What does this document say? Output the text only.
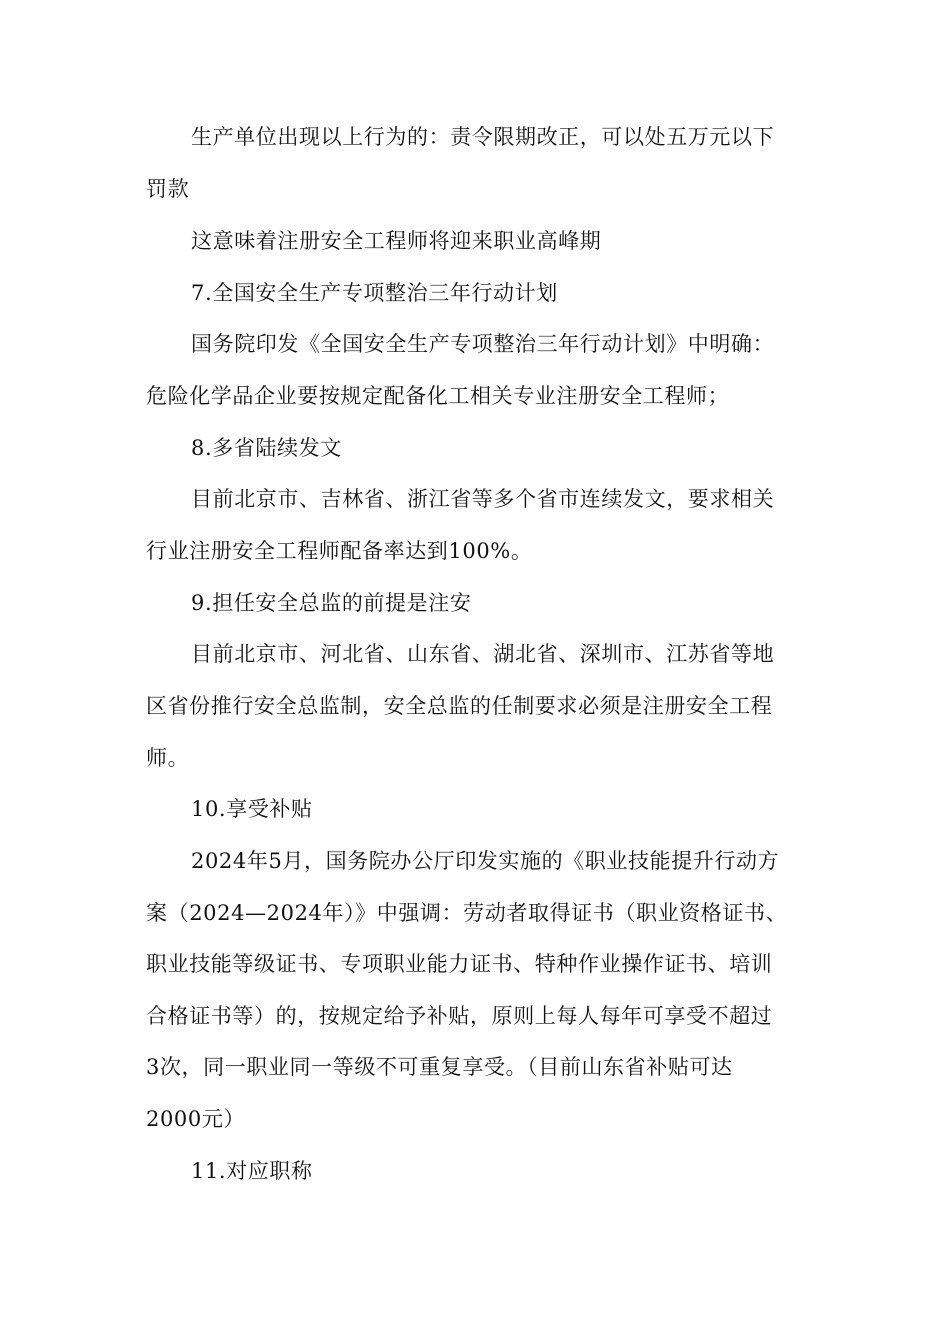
生产单位出现以上行为的：责令限期改正，可以处五万元以下
罚款
这意味着注册安全工程师将迎来职业高峰期
7.全国安全生产专项整治三年行动计划
国务院印发《全国安全生产专项整治三年行动计划》中明确：
危险化学品企业要按规定配备化工相关专业注册安全工程师；
8.多省陆续发文
目前北京市、吉林省、浙江省等多个省市连续发文，要求相关
行业注册安全工程师配备率达到100%。
9.担任安全总监的前提是注安
目前北京市、河北省、山东省、湖北省、深圳市、江苏省等地
区省份推行安全总监制，安全总监的任制要求必须是注册安全工程
师。
10.享受补贴
2024年5月，国务院办公厅印发实施的《职业技能提升行动方
案（2024—2024年）》中强调：劳动者取得证书（职业资格证书、
职业技能等级证书、专项职业能力证书、特种作业操作证书、培训
合格证书等）的，按规定给予补贴，原则上每人每年可享受不超过
3次，同一职业同一等级不可重复享受。（目前山东省补贴可达
2000元）
11.对应职称
